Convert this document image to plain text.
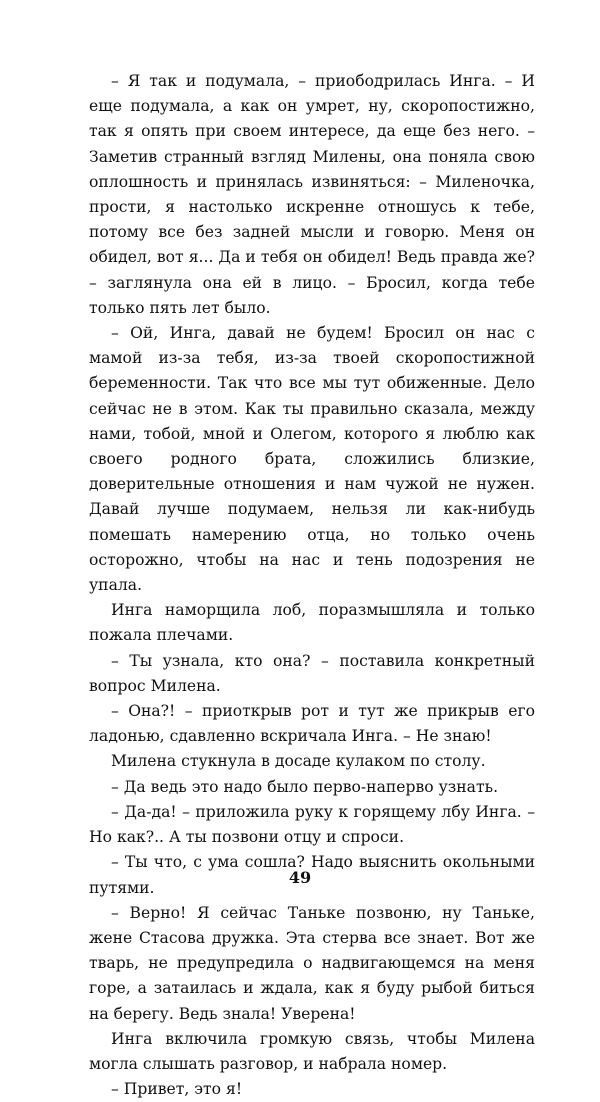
– Я так и подумала, – приободрилась Инга. – И еще подумала, а как он умрет, ну, скоропостижно, так я опять при своем интересе, да еще без него. – Заметив странный взгляд Милены, она поняла свою оплошность и принялась извиняться: – Миленочка, прости, я настолько искренне отношусь к тебе, потому все без задней мысли и говорю. Меня он обидел, вот я... Да и тебя он обидел! Ведь правда же? – заглянула она ей в лицо. – Бросил, когда тебе только пять лет было.

– Ой, Инга, давай не будем! Бросил он нас с мамой из-за тебя, из-за твоей скоропостижной беременности. Так что все мы тут обиженные. Дело сейчас не в этом. Как ты правильно сказала, между нами, тобой, мной и Олегом, которого я люблю как своего родного брата, сложились близкие, доверительные отношения и нам чужой не нужен. Давай лучше подумаем, нельзя ли как-нибудь помешать намерению отца, но только очень осторожно, чтобы на нас и тень подозрения не упала.

Инга наморщила лоб, поразмышляла и только пожала плечами.

– Ты узнала, кто она? – поставила конкретный вопрос Милена.

– Она?! – приоткрыв рот и тут же прикрыв его ладонью, сдавленно вскричала Инга. – Не знаю!

Милена стукнула в досаде кулаком по столу.

– Да ведь это надо было перво-наперво узнать.

– Да-да! – приложила руку к горящему лбу Инга. – Но как?.. А ты позвони отцу и спроси.

– Ты что, с ума сошла? Надо выяснить окольными путями.

– Верно! Я сейчас Таньке позвоню, ну Таньке, жене Стасова дружка. Эта стерва все знает. Вот же тварь, не предупредила о надвигающемся на меня горе, а затаилась и ждала, как я буду рыбой биться на берегу. Ведь знала! Уверена!

Инга включила громкую связь, чтобы Милена могла слышать разговор, и набрала номер.

– Привет, это я!

49
